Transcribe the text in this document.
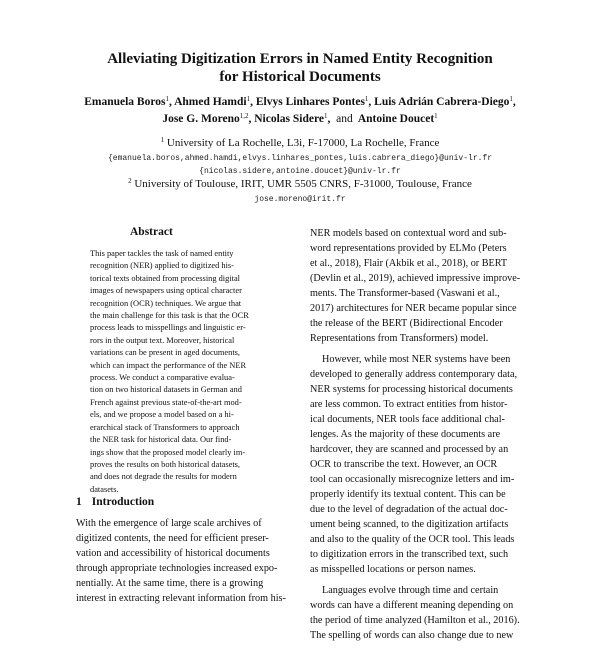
Alleviating Digitization Errors in Named Entity Recognition
for Historical Documents
Emanuela Boros$^1$, Ahmed Hamdi$^1$, Elvys Linhares Pontes$^1$, Luis Adrián Cabrera-Diego$^1$,
Jose G. Moreno$^{1,2}$, Nicolas Sidere$^1$,  and Antoine Doucet$^1$
$^1$ University of La Rochelle, L3i, F-17000, La Rochelle, France
{emanuela.boros,ahmed.hamdi,elvys.linhares_pontes,luis.cabrera_diego}@univ-lr.fr
{nicolas.sidere,antoine.doucet}@univ-lr.fr
$^2$ University of Toulouse, IRIT, UMR 5505 CNRS, F-31000, Toulouse, France
jose.moreno@irit.fr
Abstract
This paper tackles the task of named entity
recognition (NER) applied to digitized his-
torical texts obtained from processing digital
images of newspapers using optical character
recognition (OCR) techniques. We argue that
the main challenge for this task is that the OCR
process leads to misspellings and linguistic er-
rors in the output text. Moreover, historical
variations can be present in aged documents,
which can impact the performance of the NER
process. We conduct a comparative evalua-
tion on two historical datasets in German and
French against previous state-of-the-art mod-
els, and we propose a model based on a hi-
erarchical stack of Transformers to approach
the NER task for historical data. Our find-
ings show that the proposed model clearly im-
proves the results on both historical datasets,
and does not degrade the results for modern
datasets.
1 Introduction
With the emergence of large scale archives of
digitized contents, the need for efficient preser-
vation and accessibility of historical documents
through appropriate technologies increased expo-
nentially. At the same time, there is a growing
interest in extracting relevant information from his-
NER models based on contextual word and sub-
word representations provided by ELMo (Peters
et al., 2018), Flair (Akbik et al., 2018), or BERT
(Devlin et al., 2019), achieved impressive improve-
ments. The Transformer-based (Vaswani et al.,
2017) architectures for NER became popular since
the release of the BERT (Bidirectional Encoder
Representations from Transformers) model.
However, while most NER systems have been
developed to generally address contemporary data,
NER systems for processing historical documents
are less common. To extract entities from histor-
ical documents, NER tools face additional chal-
lenges. As the majority of these documents are
hardcover, they are scanned and processed by an
OCR to transcribe the text. However, an OCR
tool can occasionally misrecognize letters and im-
properly identify its textual content. This can be
due to the level of degradation of the actual doc-
ument being scanned, to the digitization artifacts
and also to the quality of the OCR tool. This leads
to digitization errors in the transcribed text, such
as misspelled locations or person names.
Languages evolve through time and certain
words can have a different meaning depending on
the period of time analyzed (Hamilton et al., 2016).
The spelling of words can also change due to new
